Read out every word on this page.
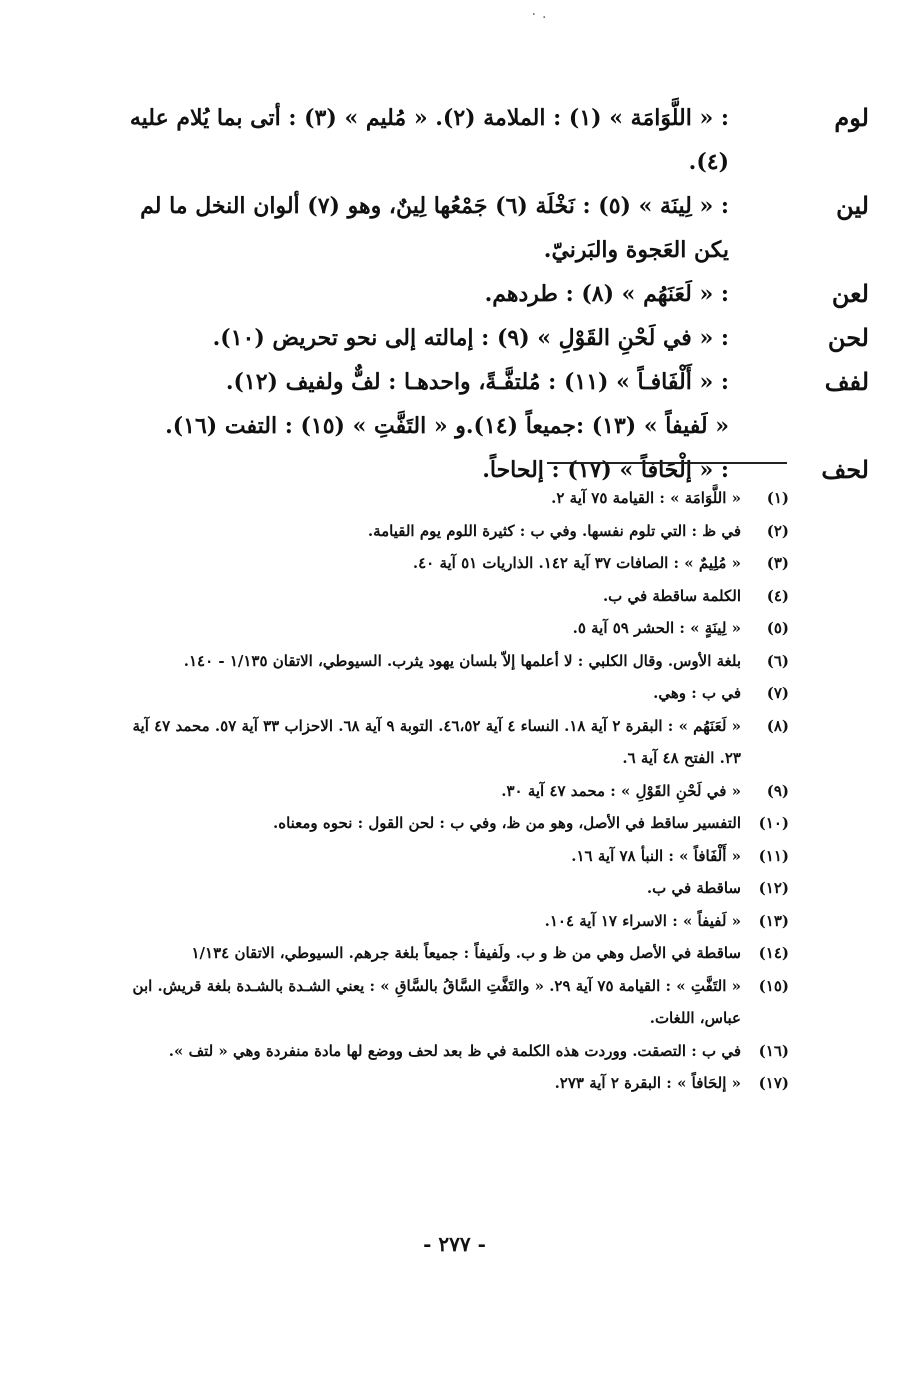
٠ .
لوم
: « اللَّوَامَة » (١) : الملامة (٢). « مُليم » (٣) : أتى بما يُلام عليه (٤).
لين
: « لِينَة » (٥) : نَخْلَة (٦) جَمْعُها لِينٌ، وهو (٧) ألوان النخل ما لم
يكن العَجوة والبَرنيّ.
لعن
: « لَعَنَهُم » (٨) : طردهم.
لحن
: « في لَحْنِ القَوْلِ » (٩) : إمالته إلى نحو تحريض (١٠).
لفف
: « أَلْفَافـاً » (١١) : مُلتفَّـةً، واحدهـا : لفٌّ ولفيف (١٢).
« لَفيفاً » (١٣) :جميعاً (١٤).و « التَفَّتِ » (١٥) : التفت (١٦).
لحف
: « إلْحَافاً » (١٧) : إلحاحاً.
(١)
« اللَّوَامَة » : القيامة ٧٥ آية ٢.
(٢)
في ظ : التي تلوم نفسها. وفي ب : كثيرة اللوم يوم القيامة.
(٣)
« مُلِيمٌ » : الصافات ٣٧ آية ١٤٢. الذاريات ٥١ آية ٤٠.
(٤)
الكلمة ساقطة في ب.
(٥)
« لِينَةٍ » : الحشر ٥٩ آية ٥.
(٦)
بلغة الأوس. وقال الكلبي : لا أعلمها إلاّ بلسان يهود يثرب. السيوطي، الاتقان ١/١٣٥ - ١٤٠.
(٧)
في ب : وهي.
(٨)
« لَعَنَهُم » : البقرة ٢ آية ١٨. النساء ٤ آية ٤٦،٥٢. التوبة ٩ آية ٦٨. الاحزاب ٣٣ آية ٥٧. محمد ٤٧ آية ٢٣. الفتح ٤٨ آية ٦.
(٩)
« في لَحْنِ القَوْلِ » : محمد ٤٧ آية ٣٠.
(١٠)
التفسير ساقط في الأصل، وهو من ظ، وفي ب : لحن القول : نحوه ومعناه.
(١١)
« أَلْفَافاً » : النبأ ٧٨ آية ١٦.
(١٢)
ساقطة في ب.
(١٣)
« لَفيفاً » : الاسراء ١٧ آية ١٠٤.
(١٤)
ساقطة في الأصل وهي من ظ و ب. ولَفيفاً : جميعاً بلغة جرهم. السيوطي، الاتقان ١/١٣٤
(١٥)
« التَفَّتِ » : القيامة ٧٥ آية ٢٩. « والتَفَّتِ السَّاقُ بالسَّاقِ » : يعني الشـدة بالشـدة بلغة قريش. ابن عباس، اللغات.
(١٦)
في ب : التصقت. ووردت هذه الكلمة في ظ بعد لحف ووضع لها مادة منفردة وهي « لتف ».
(١٧)
« إلحَافاً » : البقرة ٢ آية ٢٧٣.
- ٢٧٧ -
